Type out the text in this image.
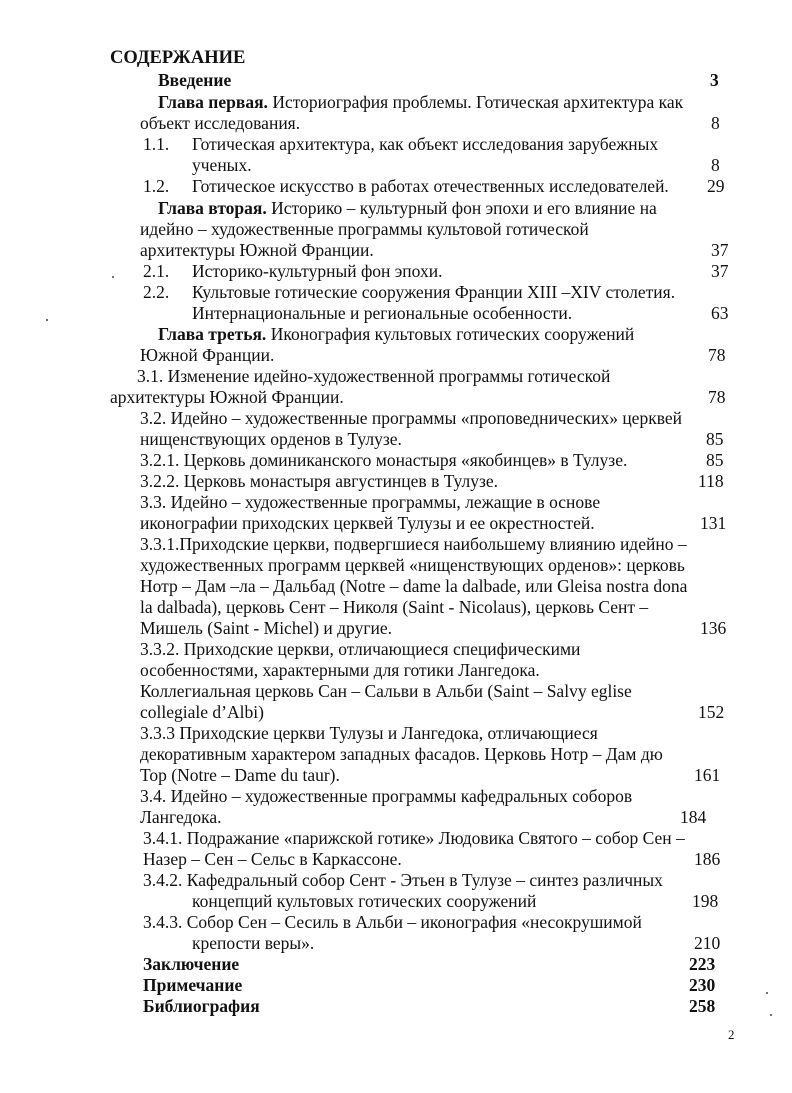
СОДЕРЖАНИЕ
Введение	3
Глава первая. Историография проблемы. Готическая архитектура как
объект исследования.	8
1.1. Готическая архитектура, как объект исследования зарубежных
ученых.	8
1.2. Готическое искусство в работах отечественных исследователей. 29
Глава вторая. Историко – культурный фон эпохи и его влияние на
идейно – художественные программы культовой готической
архитектуры Южной Франции.	37
2.1. Историко-культурный фон эпохи.	37
2.2. Культовые готические сооружения Франции XIII –XIV столетия.
Интернациональные и региональные особенности.	63
Глава третья. Иконография культовых готических сооружений
Южной Франции.	78
3.1. Изменение идейно-художественной программы готической
архитектуры Южной Франции.	78
3.2. Идейно – художественные программы «проповеднических» церквей
нищенствующих орденов в Тулузе.	85
3.2.1. Церковь доминиканского монастыря «якобинцев» в Тулузе.	85
3.2.2. Церковь монастыря августинцев в Тулузе.	118
3.3. Идейно – художественные программы, лежащие в основе
иконографии приходских церквей Тулузы и ее окрестностей.	131
3.3.1.Приходские церкви, подвергшиеся наибольшему влиянию идейно –
художественных программ церквей «нищенствующих орденов»: церковь
Нотр – Дам –ла – Дальбад (Notre – dame la dalbade, или Gleisa nostra dona
la dalbada), церковь Сент – Николя (Saint - Nicolaus), церковь Сент –
Мишель (Saint - Michel) и другие.	136
3.3.2. Приходские церкви, отличающиеся специфическими
особенностями, характерными для готики Лангедока.
Коллегиальная церковь Сан – Сальви в Альби (Saint – Salvy eglise
collegiale d’Albi)	152
3.3.3 Приходские церкви Тулузы и Лангедока, отличающиеся
декоративным характером западных фасадов. Церковь Нотр – Дам дю
Тор (Notre – Dame du taur).	161
3.4. Идейно – художественные программы кафедральных соборов
Лангедока.	184
3.4.1. Подражание «парижской готике» Людовика Святого – собор Сен –
Назер – Сен – Сельс в Каркассоне.	186
3.4.2. Кафедральный собор Сент - Этьен в Тулузе – синтез различных
концепций культовых готических сооружений	198
3.4.3. Собор Сен – Сесиль в Альби – иконография «несокрушимой
крепости веры».	210
Заключение	223
Примечание	230
Библиография	258
2
